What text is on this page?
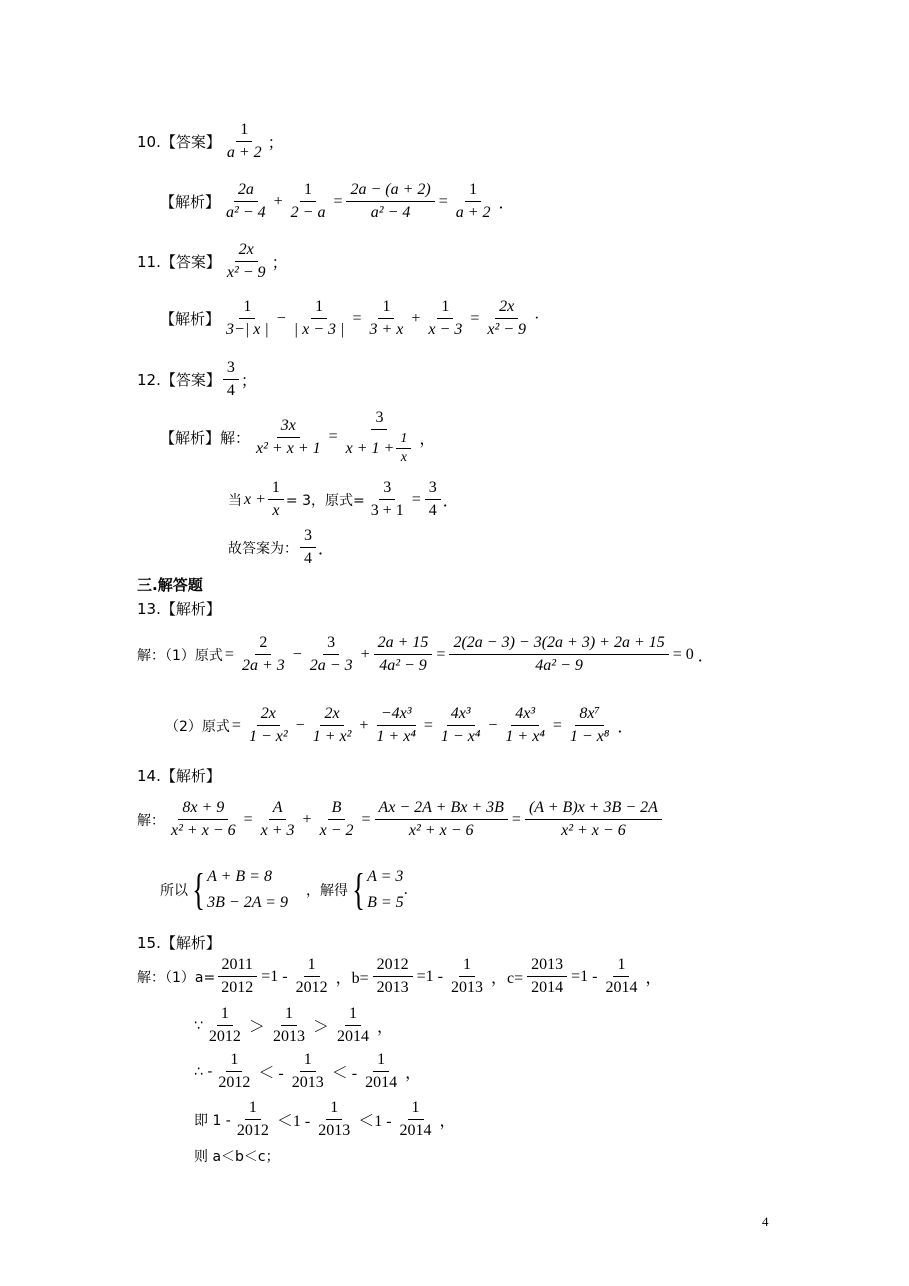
10.【答案】 $\frac{1}{a + 2}$ ；
【解析】 $\frac{2a}{\text{a² − 4}} + \frac{1}{2 - a} = \frac{2a - (a + 2)}{\text{a² − 4}} = \frac{1}{a + 2}$ ．
11.【答案】 $\frac{2x}{\text{x² − 9}}$ ；
【解析】 $\frac{1}{3-| x |} - \frac{1}{| x - 3 |} = \frac{1}{3 + x} + \frac{1}{x - 3} = \frac{2x}{\text{x² − 9}}$ ·
12.【答案】 $\frac{3}{4}$ ；
【解析】解： $\frac{3x}{\text{x² + x + 1}} = \frac{3}{x + 1 + \frac{1}{x}}$ ，
当 $x + \frac{1}{x} = 3$，原式= $\frac{3}{3 + 1} = \frac{3}{4}$ ．
故答案为： $\frac{3}{4}$ ．
三.解答题
13.【解析】
解：（1）原式 = $\frac{2}{2a + 3} - \frac{3}{2a - 3} + \frac{2a + 15}{\text{4a² − 9}} = \frac{2(2a - 3) - 3(2a + 3) + 2a + 15}{\text{4a² − 9}} = 0$ ．
（2）原式 = $\frac{2x}{\text{1 − x²}} - \frac{2x}{\text{1 + x²}} + \frac{\text{−4x³}}{\text{1 + x⁴}} = \frac{\text{4x³}}{\text{1 − x⁴}} - \frac{\text{4x³}}{\text{1 + x⁴}} = \frac{\text{8x⁷}}{\text{1 − x⁸}}$ ．
14.【解析】
解： $\frac{8x + 9}{\text{x² + x − 6}} = \frac{A}{x + 3} + \frac{B}{x - 2} = \frac{Ax - 2A + Bx + 3B}{\text{x² + x − 6}} = \frac{(A + B)x + 3B - 2A}{\text{x² + x − 6}}$
所以 { A + B = 8
3B − 2A = 9
，解得 { A = 3
B = 5
.
15.【解析】
解：$(1)a= \frac{2011}{2012} =1 - \frac{1}{2012}$ ，$b= \frac{2012}{2013} =1 - \frac{1}{2013}$ ，$c= \frac{2013}{2014} =1 - \frac{1}{2014}$ ，
∵ $\frac{1}{2012} > \frac{1}{2013} > \frac{1}{2014}$ ，
∴ - $\frac{1}{2012}$ ＜ - $\frac{1}{2013}$ ＜ - $\frac{1}{2014}$ ，
即 $1 - \frac{1}{2012} <1 - \frac{1}{2013} <1 - \frac{1}{2014}$ ，
则 a＜b＜c；
4
